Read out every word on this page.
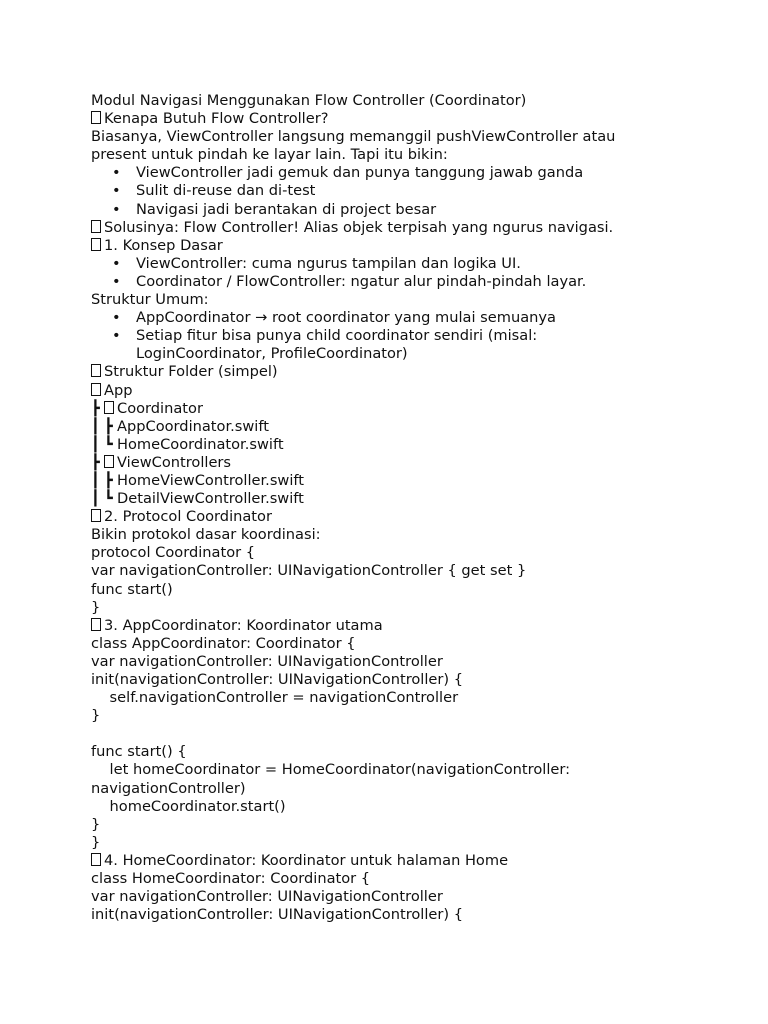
Modul Navigasi Menggunakan Flow Controller (Coordinator)
Kenapa Butuh Flow Controller?
Biasanya, ViewController langsung memanggil pushViewController atau
present untuk pindah ke layar lain. Tapi itu bikin:
• ViewController jadi gemuk dan punya tanggung jawab ganda
• Sulit di-reuse dan di-test
• Navigasi jadi berantakan di project besar
Solusinya: Flow Controller! Alias objek terpisah yang ngurus navigasi.
1. Konsep Dasar
• ViewController: cuma ngurus tampilan dan logika UI.
• Coordinator / FlowController: ngatur alur pindah-pindah layar.
Struktur Umum:
• AppCoordinator → root coordinator yang mulai semuanya
• Setiap fitur bisa punya child coordinator sendiri (misal: LoginCoordinator, ProfileCoordinator)
Struktur Folder (simpel)
App
┣ Coordinator
┃ ┣ AppCoordinator.swift
┃ ┗ HomeCoordinator.swift
┣ ViewControllers
┃ ┣ HomeViewController.swift
┃ ┗ DetailViewController.swift
2. Protocol Coordinator
Bikin protokol dasar koordinasi:
protocol Coordinator {
var navigationController: UINavigationController { get set }
func start()
}
3. AppCoordinator: Koordinator utama
class AppCoordinator: Coordinator {
var navigationController: UINavigationController
init(navigationController: UINavigationController) {
self.navigationController = navigationController
}
func start() {
let homeCoordinator = HomeCoordinator(navigationController:
navigationController)
homeCoordinator.start()
}
}
4. HomeCoordinator: Koordinator untuk halaman Home
class HomeCoordinator: Coordinator {
var navigationController: UINavigationController
init(navigationController: UINavigationController) {
